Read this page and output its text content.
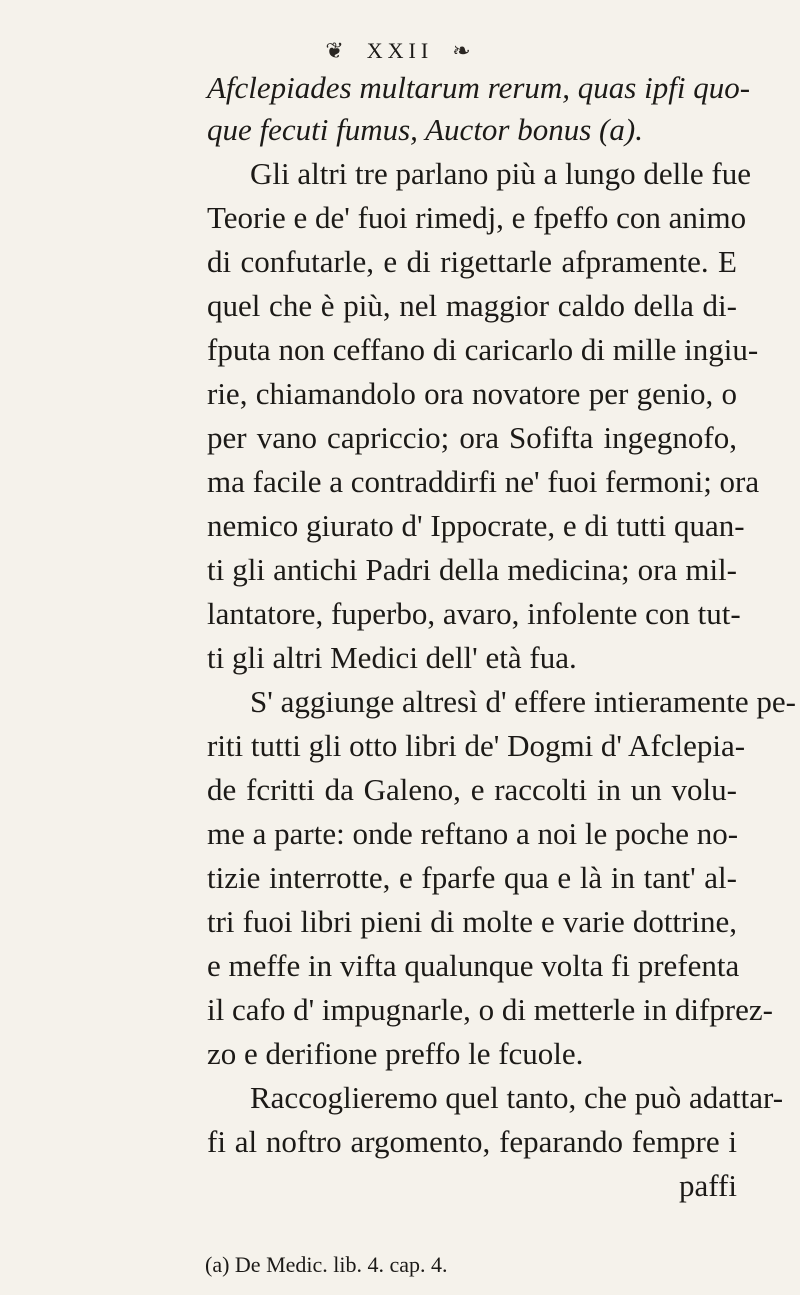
❦ XXII ❧
Afclepiades multarum rerum, quas ipfi quo-
que fecuti fumus, Auctor bonus (a).
Gli altri tre parlano più a lungo delle fue
Teorie e de' fuoi rimedj, e fpeffo con animo
di confutarle, e di rigettarle afpramente. E
quel che è più, nel maggior caldo della di-
fputa non ceffano di caricarlo di mille ingiu-
rie, chiamandolo ora novatore per genio, o
per vano capriccio; ora Sofifta ingegnofo,
ma facile a contraddirfi ne' fuoi fermoni; ora
nemico giurato d' Ippocrate, e di tutti quan-
ti gli antichi Padri della medicina; ora mil-
lantatore, fuperbo, avaro, infolente con tut-
ti gli altri Medici dell' età fua.
S' aggiunge altresì d' effere intieramente pe-
riti tutti gli otto libri de' Dogmi d' Afclepia-
de fcritti da Galeno, e raccolti in un volu-
me a parte: onde reftano a noi le poche no-
tizie interrotte, e fparfe qua e là in tant' al-
tri fuoi libri pieni di molte e varie dottrine,
e meffe in vifta qualunque volta fi prefenta
il cafo d' impugnarle, o di metterle in difprez-
zo e derifione preffo le fcuole.
Raccoglieremo quel tanto, che può adattar-
fi al noftro argomento, feparando fempre i
paffi
(a) De Medic. lib. 4. cap. 4.
